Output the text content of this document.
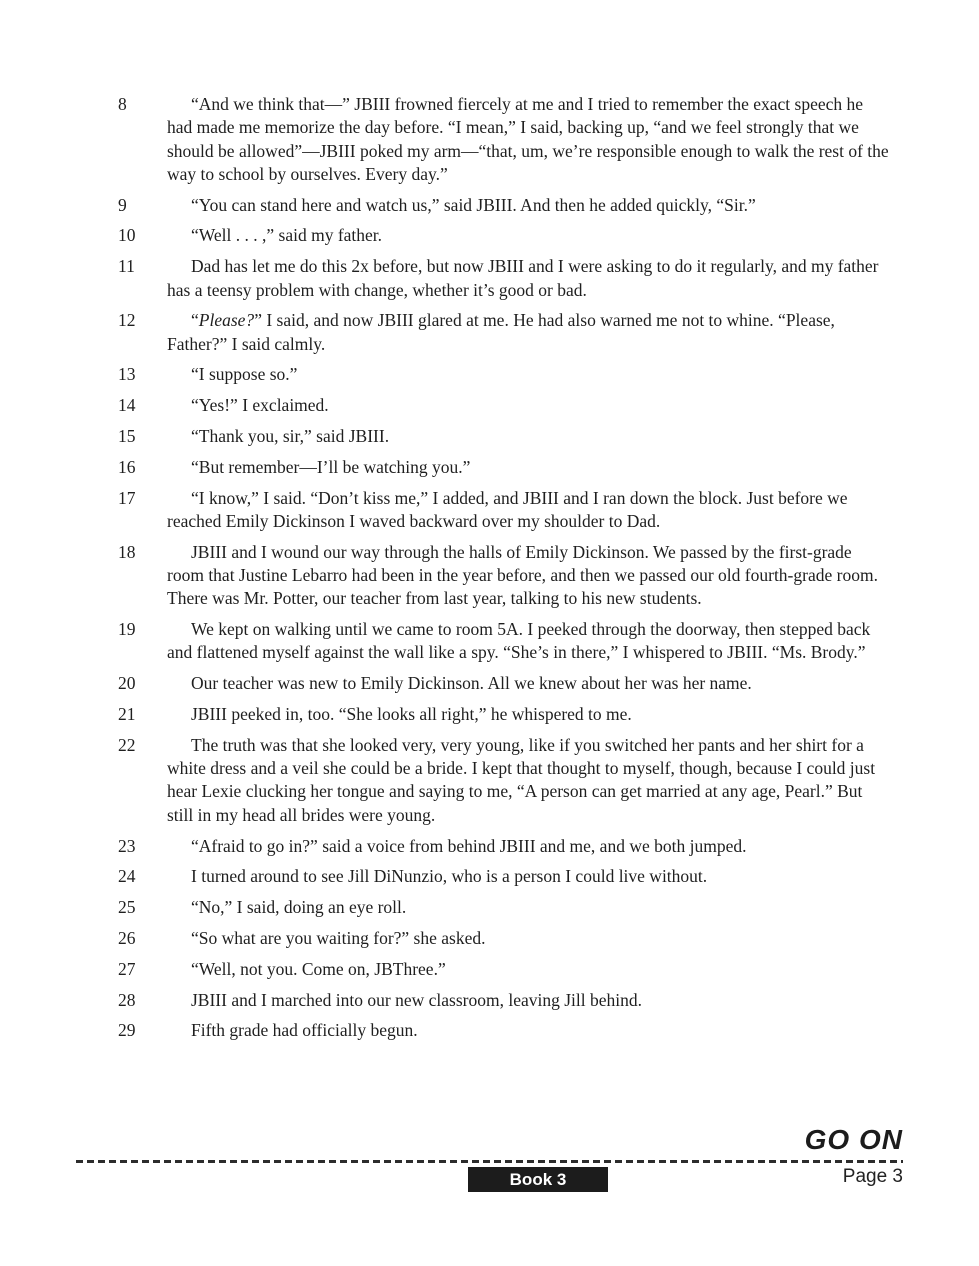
8	“And we think that—” JBIII frowned fiercely at me and I tried to remember the exact speech he had made me memorize the day before. “I mean,” I said, backing up, “and we feel strongly that we should be allowed”—JBIII poked my arm—“that, um, we’re responsible enough to walk the rest of the way to school by ourselves. Every day.”

9	“You can stand here and watch us,” said JBIII. And then he added quickly, “Sir.”

10	“Well . . . ,” said my father.

11	Dad has let me do this 2x before, but now JBIII and I were asking to do it regularly, and my father has a teensy problem with change, whether it’s good or bad.

12	“Please?” I said, and now JBIII glared at me. He had also warned me not to whine. “Please, Father?” I said calmly.

13	“I suppose so.”

14	“Yes!” I exclaimed.

15	“Thank you, sir,” said JBIII.

16	“But remember—I’ll be watching you.”

17	“I know,” I said. “Don’t kiss me,” I added, and JBIII and I ran down the block. Just before we reached Emily Dickinson I waved backward over my shoulder to Dad.

18	JBIII and I wound our way through the halls of Emily Dickinson. We passed by the first-grade room that Justine Lebarro had been in the year before, and then we passed our old fourth-grade room. There was Mr. Potter, our teacher from last year, talking to his new students.

19	We kept on walking until we came to room 5A. I peeked through the doorway, then stepped back and flattened myself against the wall like a spy. “She’s in there,” I whispered to JBIII. “Ms. Brody.”

20	Our teacher was new to Emily Dickinson. All we knew about her was her name.

21	JBIII peeked in, too. “She looks all right,” he whispered to me.

22	The truth was that she looked very, very young, like if you switched her pants and her shirt for a white dress and a veil she could be a bride. I kept that thought to myself, though, because I could just hear Lexie clucking her tongue and saying to me, “A person can get married at any age, Pearl.” But still in my head all brides were young.

23	“Afraid to go in?” said a voice from behind JBIII and me, and we both jumped.

24	I turned around to see Jill DiNunzio, who is a person I could live without.

25	“No,” I said, doing an eye roll.

26	“So what are you waiting for?” she asked.

27	“Well, not you. Come on, JBThree.”

28	JBIII and I marched into our new classroom, leaving Jill behind.

29	Fifth grade had officially begun.

GO ON
Book 3	Page 3
